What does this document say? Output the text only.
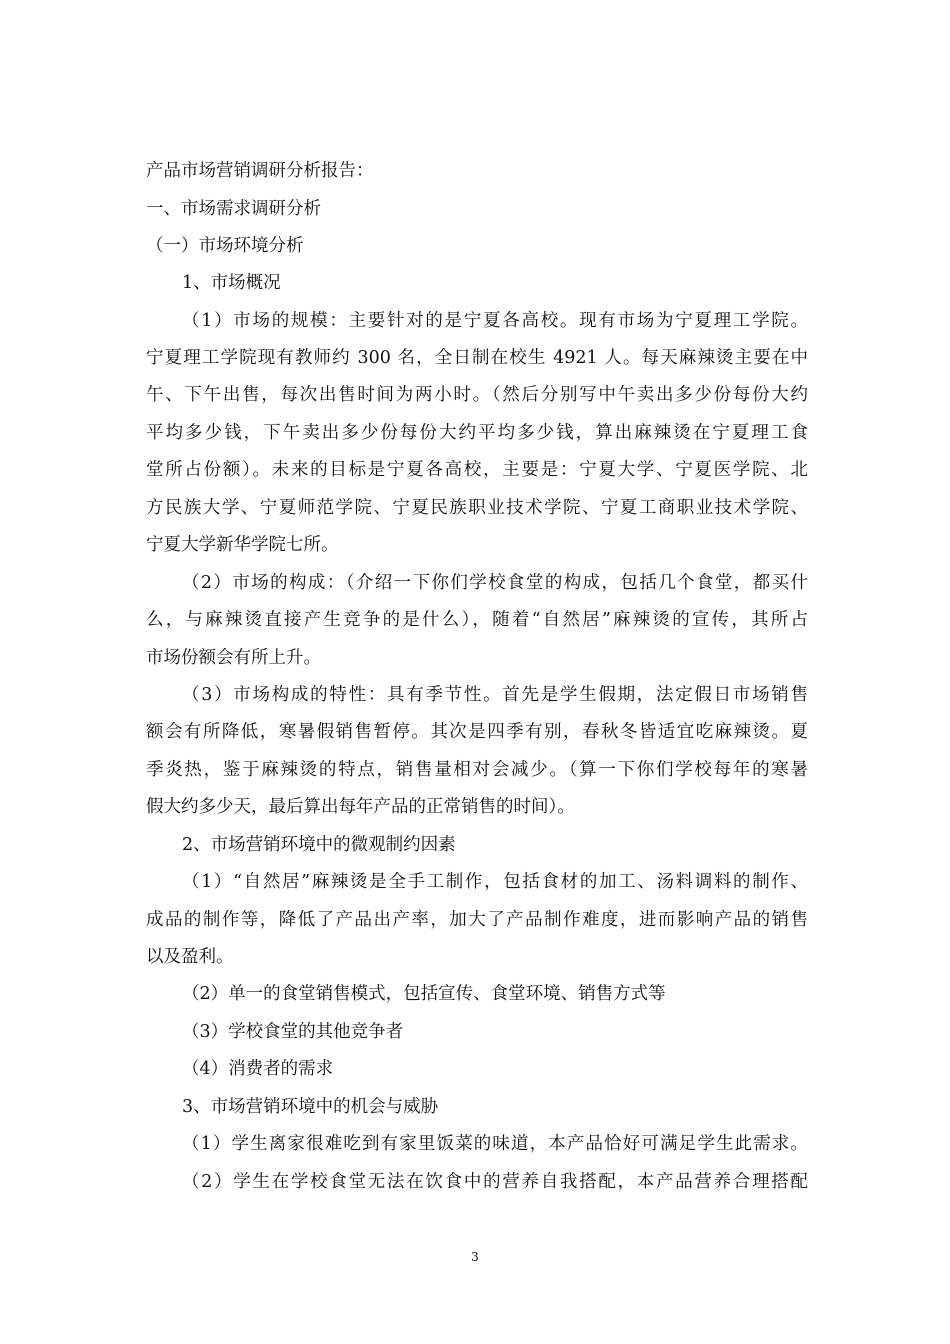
产品市场营销调研分析报告：
一、市场需求调研分析
（一）市场环境分析
1、市场概况
（1）市场的规模：主要针对的是宁夏各高校。现有市场为宁夏理工学院。
宁夏理工学院现有教师约 300 名，全日制在校生 4921 人。每天麻辣烫主要在中
午、下午出售，每次出售时间为两小时。（然后分别写中午卖出多少份每份大约
平均多少钱，下午卖出多少份每份大约平均多少钱，算出麻辣烫在宁夏理工食
堂所占份额）。未来的目标是宁夏各高校，主要是：宁夏大学、宁夏医学院、北
方民族大学、宁夏师范学院、宁夏民族职业技术学院、宁夏工商职业技术学院、
宁夏大学新华学院七所。
（2）市场的构成：（介绍一下你们学校食堂的构成，包括几个食堂，都买什
么，与麻辣烫直接产生竞争的是什么），随着“自然居”麻辣烫的宣传，其所占
市场份额会有所上升。
（3）市场构成的特性：具有季节性。首先是学生假期，法定假日市场销售
额会有所降低，寒暑假销售暂停。其次是四季有别，春秋冬皆适宜吃麻辣烫。夏
季炎热，鉴于麻辣烫的特点，销售量相对会减少。（算一下你们学校每年的寒暑
假大约多少天，最后算出每年产品的正常销售的时间）。
2、市场营销环境中的微观制约因素
（1）“自然居”麻辣烫是全手工制作，包括食材的加工、汤料调料的制作、
成品的制作等，降低了产品出产率，加大了产品制作难度，进而影响产品的销售
以及盈利。
（2）单一的食堂销售模式，包括宣传、食堂环境、销售方式等
（3）学校食堂的其他竞争者
（4）消费者的需求
3、市场营销环境中的机会与威胁
（1）学生离家很难吃到有家里饭菜的味道，本产品恰好可满足学生此需求。
（2）学生在学校食堂无法在饮食中的营养自我搭配，本产品营养合理搭配
3
